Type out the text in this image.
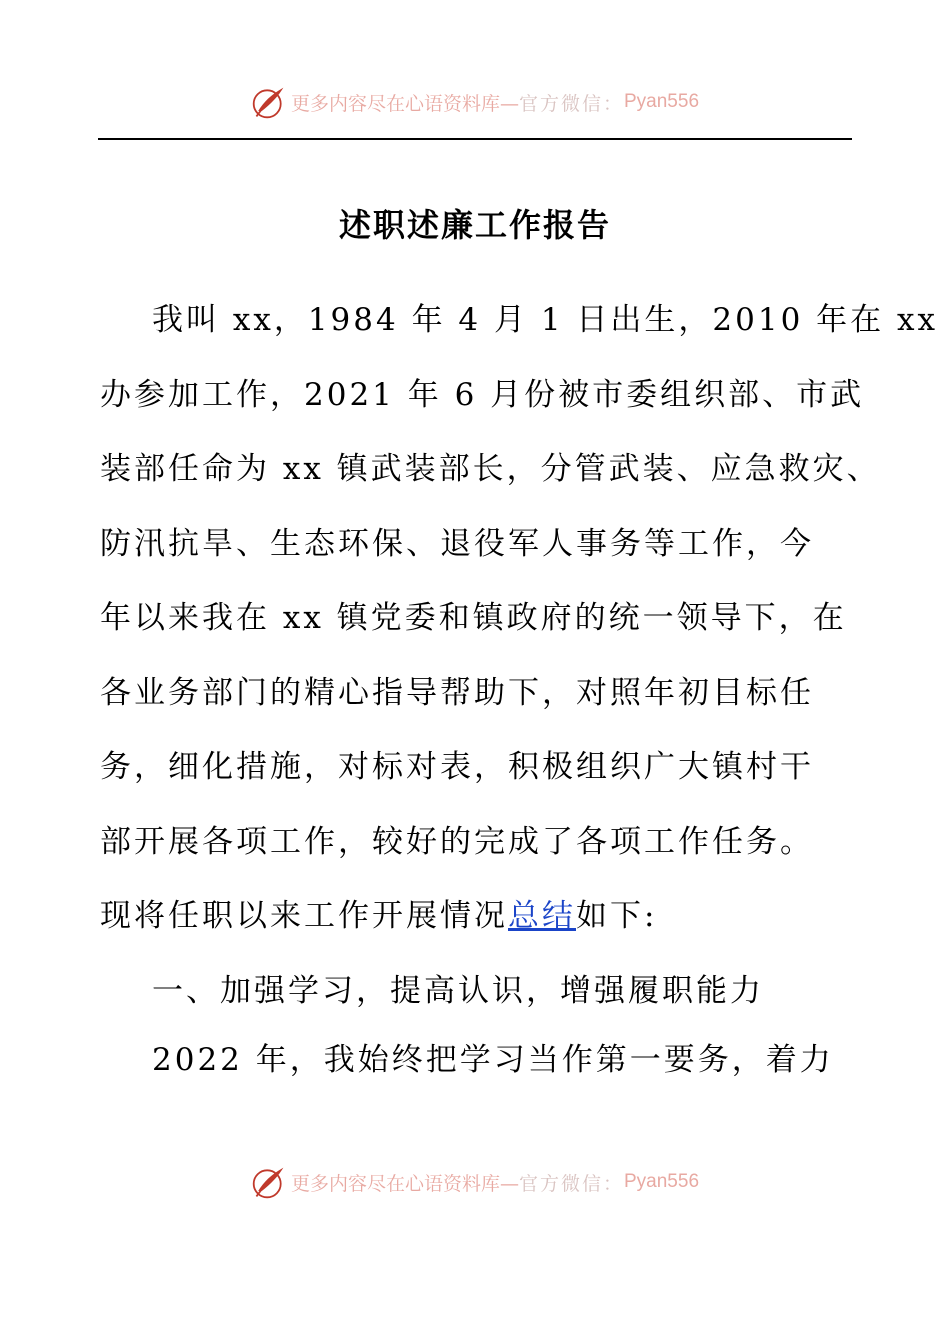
更多内容尽在心语资料库— 官方微信： Pyan556
述职述廉工作报告
我叫 xx，1984 年 4 月 1 日出生，2010 年在 xx
办参加工作，2021 年 6 月份被市委组织部、市武
装部任命为 xx 镇武装部长，分管武装、应急救灾、
防汛抗旱、生态环保、退役军人事务等工作，今
年以来我在 xx 镇党委和镇政府的统一领导下，在
各业务部门的精心指导帮助下，对照年初目标任
务，细化措施，对标对表，积极组织广大镇村干
部开展各项工作，较好的完成了各项工作任务。
现将任职以来工作开展情况总结如下:
一、加强学习，提高认识，增强履职能力
2022 年，我始终把学习当作第一要务，着力
更多内容尽在心语资料库— 官方微信： Pyan556
